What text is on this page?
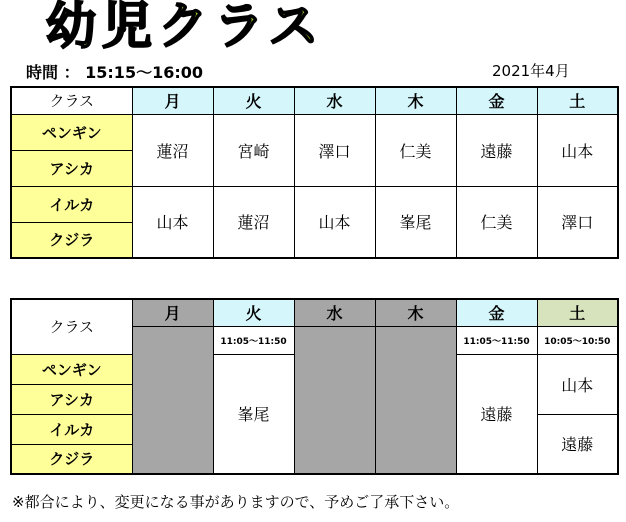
幼児クラス
時間 ： 15:15～16:00	2021年4月
クラス	月	火	水	木	金	土
ペンギン	蓮沼	宮崎	澤口	仁美	遠藤	山本
アシカ						
イルカ	山本	蓮沼	山本	峯尾	仁美	澤口
クジラ						
クラス	月	火	水	木	金	土
		11:05～11:50			11:05～11:50	10:05～10:50
ペンギン		峯尾			遠藤	山本
アシカ						
イルカ						遠藤
クジラ						
※都合により、変更になる事がありますので、予めご了承下さい。
